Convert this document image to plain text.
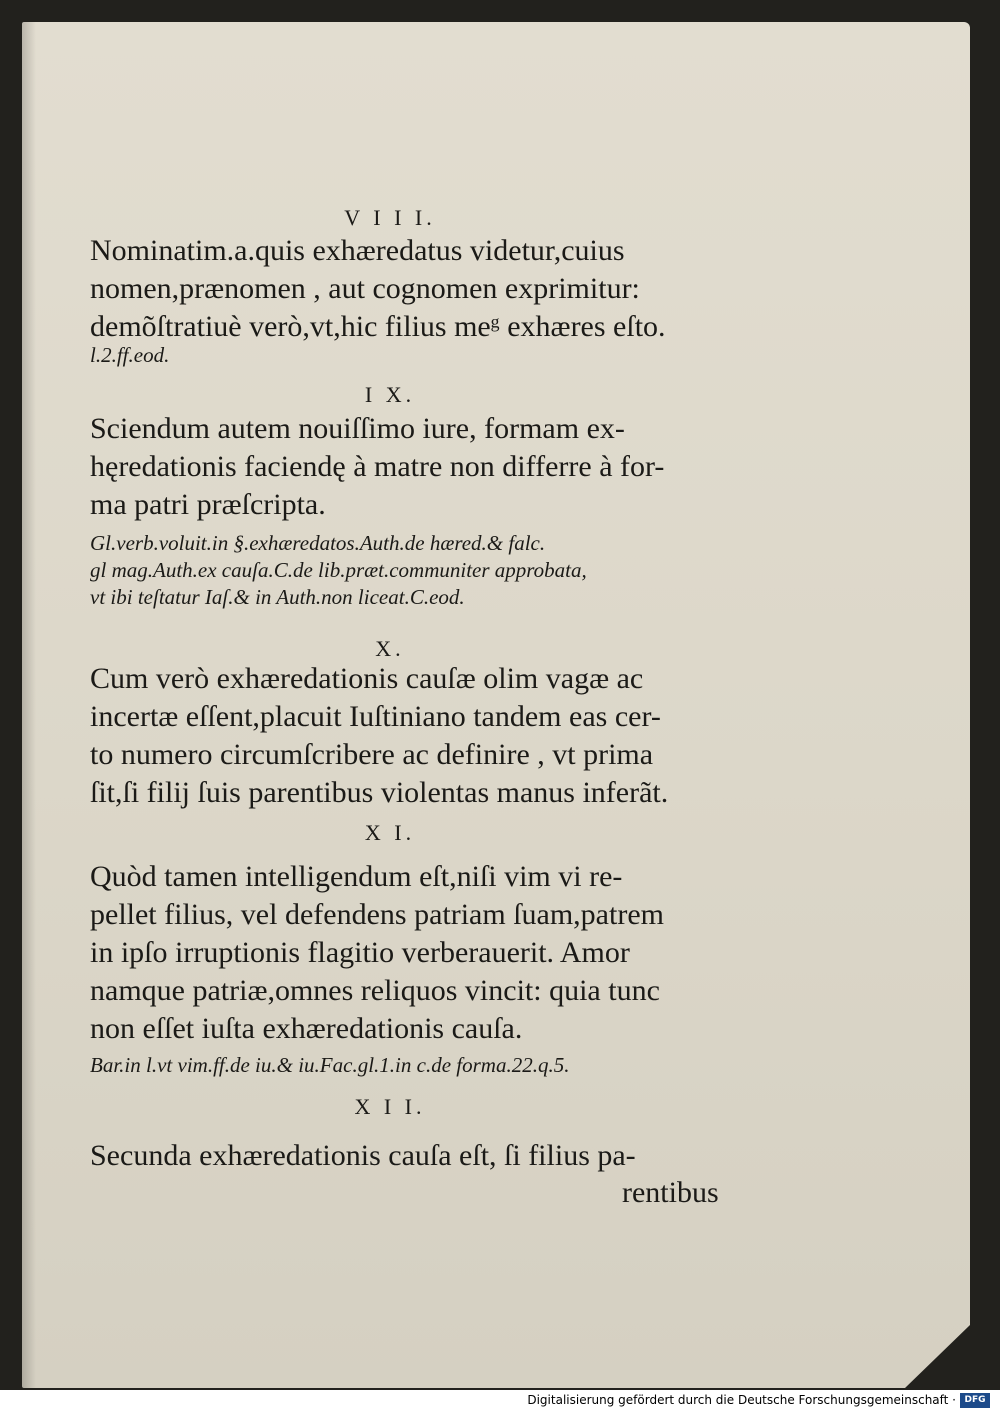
V I I I.
Nominatim.a.quis exhæredatus videtur,cuius
nomen,prænomen , aut cognomen exprimitur:
demõſtratiuè verò,vt,hic filius meᵍ exhæres eſto.
l.2.ff.eod.
I X.
Sciendum autem nouiſſimo iure, formam ex-
hęredationis faciendę à matre non differre à for-
ma patri præſcripta.
Gl.verb.voluit.in §.exhæredatos.Auth.de hæred.& falc.
gl mag.Auth.ex cauſa.C.de lib.præt.communiter approbata,
vt ibi teſtatur Iaſ.& in Auth.non liceat.C.eod.
X.
Cum verò exhæredationis cauſæ olim vagæ ac
incertæ eſſent,placuit Iuſtiniano tandem eas cer-
to numero circumſcribere ac definire , vt prima
ſit,ſi filij ſuis parentibus violentas manus inferãt.
X I.
Quòd tamen intelligendum eſt,niſi vim vi re-
pellet filius, vel defendens patriam ſuam,patrem
in ipſo irruptionis flagitio verberauerit. Amor
namque patriæ,omnes reliquos vincit: quia tunc
non eſſet iuſta exhæredationis cauſa.
Bar.in l.vt vim.ff.de iu.& iu.Fac.gl.1.in c.de forma.22.q.5.
X I I.
Secunda exhæredationis cauſa eſt, ſi filius pa-
rentibus
Digitalisierung gefördert durch die Deutsche Forschungsgemeinschaft · DFG
